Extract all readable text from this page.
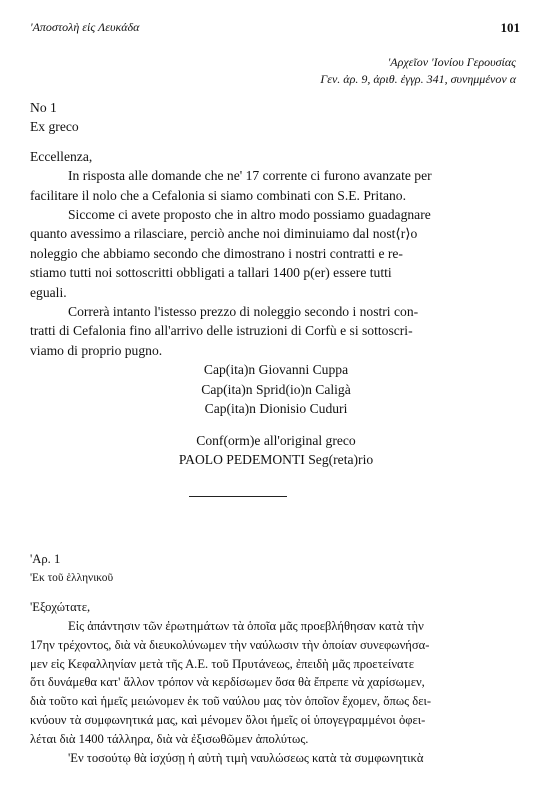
'Αποστολὴ εἰς Λευκάδα	101
'Αρχεῖον 'Ιονίου Γερουσίας
Γεν. ἀρ. 9, ἀριθ. ἐγγρ. 341, συνημμένον α
No 1
Ex greco
Eccellenza,
In risposta alle domande che ne' 17 corrente ci furono avanzate per
facilitare il nolo che a Cefalonia si siamo combinati con S.E. Pritano.
Siccome ci avete proposto che in altro modo possiamo guadagnare
quanto avessimo a rilasciare, perciò anche noi diminuiamo dal nost⟨r⟩o
noleggio che abbiamo secondo che dimostrano i nostri contratti e re-
stiamo tutti noi sottoscritti obbligati a tallari 1400 p(er) essere tutti
eguali.
Correrà intanto l'istesso prezzo di noleggio secondo i nostri con-
tratti di Cefalonia fino all'arrivo delle istruzioni di Corfù e si sottoscri-
viamo di proprio pugno.
Cap(ita)n Giovanni Cuppa
Cap(ita)n Sprid(io)n Caligà
Cap(ita)n Dionisio Cuduri
Conf(orm)e all'original greco
PAOLO PEDEMONTI Seg(reta)rio
'Αρ. 1
'Εκ τοῦ ἑλληνικοῦ
'Εξοχώτατε,
Εἰς ἀπάντησιν τῶν ἐρωτημάτων τὰ ὁποῖα μᾶς προεβλήθησαν κατὰ τὴν
17ην τρέχοντος, διὰ νὰ διευκολύνωμεν τὴν ναύλωσιν τὴν ὁποίαν συνεφωνήσα-
μεν εἰς Κεφαλληνίαν μετὰ τῆς Α.Ε. τοῦ Πρυτάνεως, ἐπειδὴ μᾶς προετείνατε
ὅτι δυνάμεθα κατ' ἄλλον τρόπον νὰ κερδίσωμεν ὅσα θὰ ἔπρεπε νὰ χαρίσωμεν,
διὰ τοῦτο καὶ ἡμεῖς μειώνομεν ἐκ τοῦ ναύλου μας τὸν ὁποῖον ἔχομεν, ὅπως δει-
κνύουν τὰ συμφωνητικά μας, καὶ μένομεν ὅλοι ἡμεῖς οἱ ὑπογεγραμμένοι ὀφει-
λέται διὰ 1400 τάλληρα, διὰ νὰ ἐξισωθῶμεν ἀπολύτως.
'Εν τοσούτῳ θὰ ἰσχύσῃ ἡ αὐτὴ τιμὴ ναυλώσεως κατὰ τὰ συμφωνητικὰ
